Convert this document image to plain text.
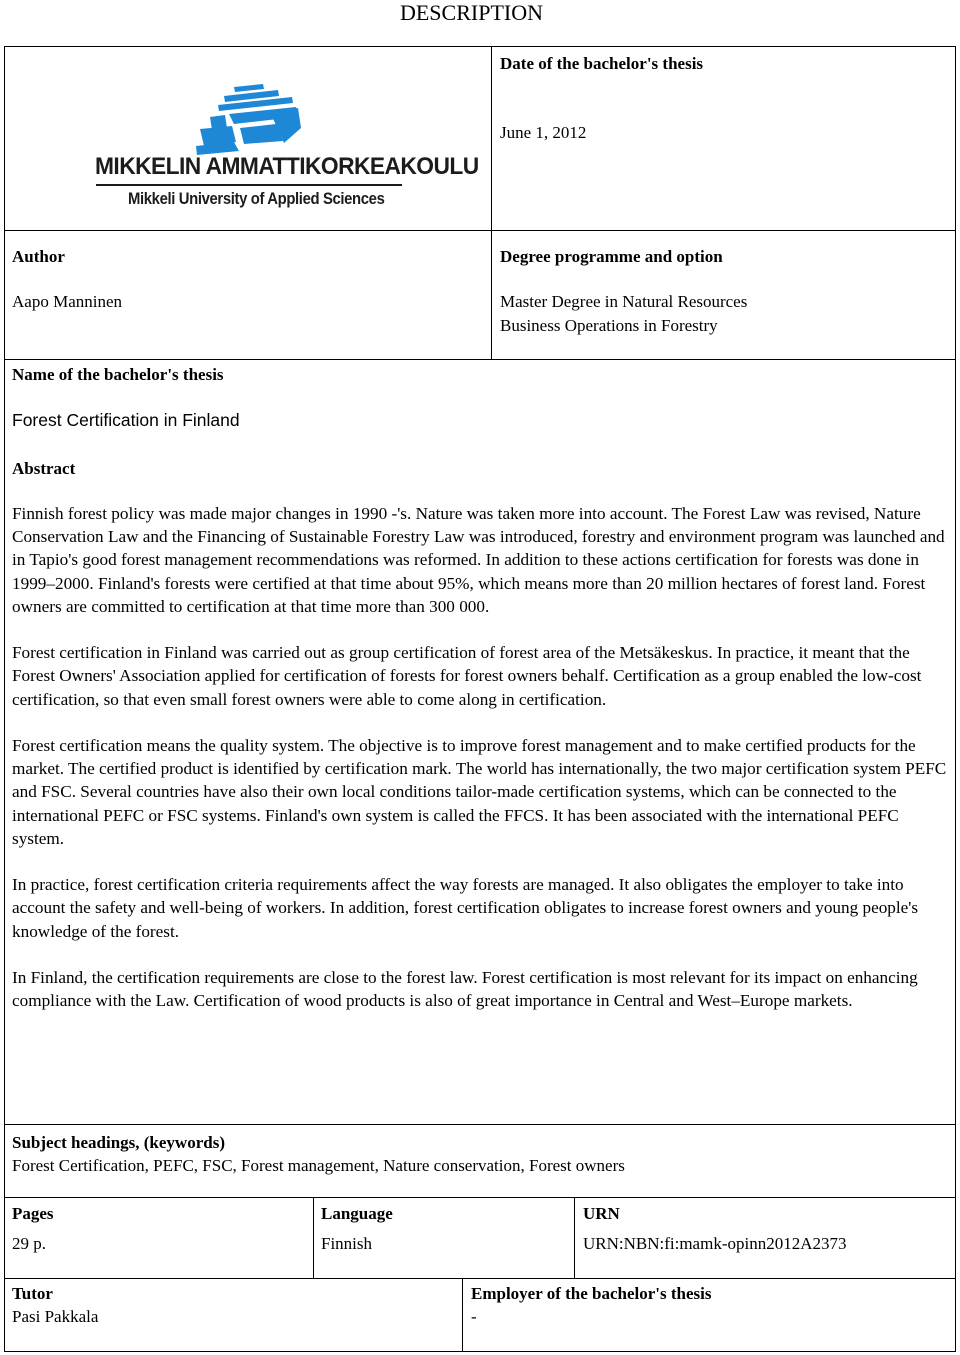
DESCRIPTION
MIKKELIN AMMATTIKORKEAKOULU
Mikkeli University of Applied Sciences
Date of the bachelor's thesis
June 1, 2012
Author
Aapo Manninen
Degree programme and option
Master Degree in Natural Resources
Business Operations in Forestry
Name of the bachelor's thesis
Forest Certification in Finland
Abstract

Finnish forest policy was made major changes in 1990 -'s. Nature was taken more into account. The Forest Law was revised, Nature Conservation Law and the Financing of Sustainable Forestry Law was introduced, forestry and environment program was launched and in Tapio's good forest management recommendations was reformed. In addition to these actions certification for forests was done in 1999–2000. Finland's forests were certified at that time about 95%, which means more than 20 million hectares of forest land. Forest owners are committed to certification at that time more than 300 000.

Forest certification in Finland was carried out as group certification of forest area of the Metsäkeskus. In practice, it meant that the Forest Owners' Association applied for certification of forests for forest owners behalf. Certification as a group enabled the low-cost certification, so that even small forest owners were able to come along in certification.

Forest certification means the quality system. The objective is to improve forest management and to make certified products for the market. The certified product is identified by certification mark. The world has internationally, the two major certification system PEFC and FSC. Several countries have also their own local conditions tailor-made certification systems, which can be connected to the international PEFC or FSC systems. Finland's own system is called the FFCS. It has been associated with the international PEFC system.

In practice, forest certification criteria requirements affect the way forests are managed. It also obligates the employer to take into account the safety and well-being of workers. In addition, forest certification obligates to increase forest owners and young people's knowledge of the forest.

In Finland, the certification requirements are close to the forest law. Forest certification is most relevant for its impact on enhancing compliance with the Law. Certification of wood products is also of great importance in Central and West–Europe markets.

Subject headings, (keywords)
Forest Certification, PEFC, FSC, Forest management, Nature conservation, Forest owners
Pages
29 p.
Language
Finnish
URN
URN:NBN:fi:mamk-opinn2012A2373
Tutor
Pasi Pakkala
Employer of the bachelor's thesis
-
